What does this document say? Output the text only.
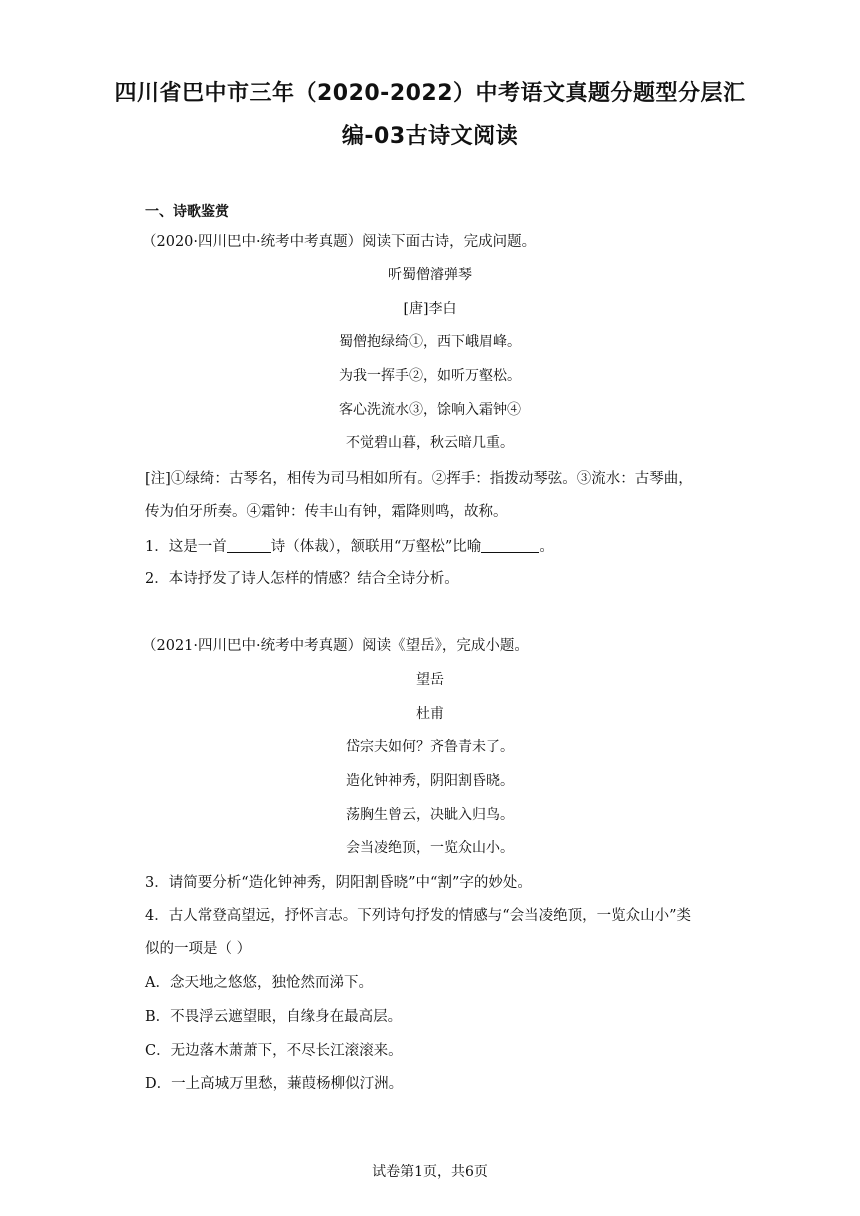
四川省巴中市三年（2020-2022）中考语文真题分题型分层汇
编-03古诗文阅读
一、诗歌鉴赏
（2020·四川巴中·统考中考真题）阅读下面古诗，完成问题。
听蜀僧濬弹琴
[唐]李白
蜀僧抱绿绮①，西下峨眉峰。
为我一挥手②，如听万壑松。
客心洗流水③，馀响入霜钟④
不觉碧山暮，秋云暗几重。
[注]①绿绮：古琴名，相传为司马相如所有。②挥手：指拨动琴弦。③流水：古琴曲，
传为伯牙所奏。④霜钟：传丰山有钟，霜降则鸣，故称。
1．这是一首	诗（体裁），颔联用“万壑松”比喻	。
2．本诗抒发了诗人怎样的情感？结合全诗分析。
（2021·四川巴中·统考中考真题）阅读《望岳》，完成小题。
望岳
杜甫
岱宗夫如何？齐鲁青未了。
造化钟神秀，阴阳割昏晓。
荡胸生曾云，决眦入归鸟。
会当凌绝顶，一览众山小。
3．请简要分析“造化钟神秀，阴阳割昏晓”中“割”字的妙处。
4．古人常登高望远，抒怀言志。下列诗句抒发的情感与“会当凌绝顶，一览众山小”类
似的一项是（ ）
A．念天地之悠悠，独怆然而涕下。
B．不畏浮云遮望眼，自缘身在最高层。
C．无边落木萧萧下，不尽长江滚滚来。
D．一上高城万里愁，蒹葭杨柳似汀洲。
试卷第1页，共6页
